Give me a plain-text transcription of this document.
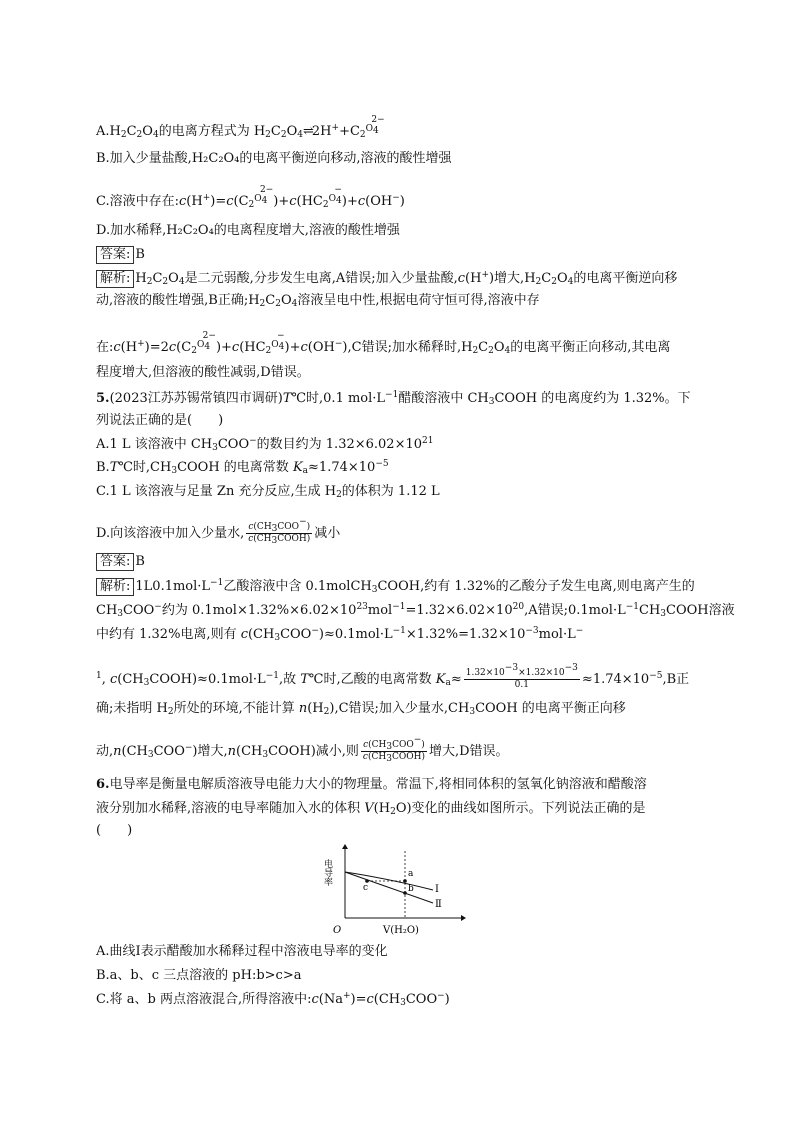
$A.H_2C_2O_4$的电离方程式为 $H_2C_2O_4\rightleftharpoons 2H^++C_2$
2−
$O_4$
B.加入少量盐酸,H₂C₂O₄的电离平衡逆向移动,溶液的酸性增强
C.溶液中存在$:c(H^+)=c(C_2$
2−
$O_4$ )$+c(HC_2$
−
$O_4$ )+c(OH−)
D.加水稀释,H₂C₂O₄的电离程度增大,溶液的酸性增强
答案: B
解析: $H_2C_2O_4$是二元弱酸,分步发生电离,A错误;加入少量盐酸,c(H+)增大$,H_2C_2O_4$的电离平衡逆向移
动,溶液的酸性增强,B正确$;H_2C_2O_4$溶液呈电中性,根据电荷守恒可得,溶液中存
在$:c(H^+)=2c(C_2$
2−
$O_4$ )$+c(HC_2$
−
$O_4$ )+c(OH−),C错误;加水稀释时$,H_2C_2O_4$的电离平衡正向移动,其电离
程度增大,但溶液的酸性减弱,D错误。
5.(2023江苏苏锡常镇四市调研)T℃时,0.1 $mol\cdot L^{-1}$醋酸溶液中 $CH_3COOH$ 的电离度约为 1.32%。下
列说法正确的是(　　)
A.1 L 该溶液中 $CH_3COO^-$的数目约为 $1.32\times 6.02\times 10^{21}$
B.T℃时$,CH_3COOH$ 的电离常数 $K_a\approx 1.74\times 10^{-5}$
C.1 L 该溶液与足量 Zn 充分反应,生成 $H_2$的体积为 1.12 L
D.向该溶液中加入少量水, $\frac{c(CH_3COO^-)}{c(CH_3COOH)}$ 减小
答案: B
解析: $1L0.1mol\cdot L^{-1}$乙酸溶液中含 0.1molCH$_3$COOH,约有 1.32%的乙酸分子发生电离,则电离产生的
$CH_3COO^-$约为 $0.1mol\times 1.32\%\times 6.02\times 10^{23}mol^{-1}=1.32\times 6.02\times 10^{20},A$错误$;0.1mol\cdot L^{-1}CH_3COOH$溶液
中约有 1.32%电离,则有 $c(CH_3COO^-)\approx 0.1mol\cdot L^{-1}\times 1.32\%=1.32\times 10^{-3}mol\cdot L^-$
$^1$, $c(CH_3COOH)\approx 0.1mol\cdot L^{-1}$,故 T℃时,乙酸的电离常数 $K_a\approx \frac{1.32\times 10^{-3}\times 1.32\times 10^{-3}}{0.1} \approx 1.74\times 10^{-5},B$正
确;未指明 $H_2$所处的环境,不能计算 $n(H_2),C$错误;加入少量水$,CH_3COOH$ 的电离平衡正向移
动$,n(CH_3COO^-)$增大$,n(CH_3COOH)$减小,则 $\frac{c(CH_3COO^-)}{c(CH_3COOH)}$ 增大,D错误。
6.电导率是衡量电解质溶液导电能力大小的物理量。常温下,将相同体积的氢氧化钠溶液和醋酸溶
液分别加水稀释,溶液的电导率随加入水的体积 $V(H_2O)$变化的曲线如图所示。下列说法正确的是
(　　)
a
b
c	Ⅰ
Ⅱ
O	V(H₂O)
电导率
A.曲线Ⅰ表示醋酸加水稀释过程中溶液电导率的变化
B.a、b、c 三点溶液的 pH:b>c>a
C.将 a、b 两点溶液混合,所得溶液中$:c(Na^+)=c(CH_3COO^-)$
